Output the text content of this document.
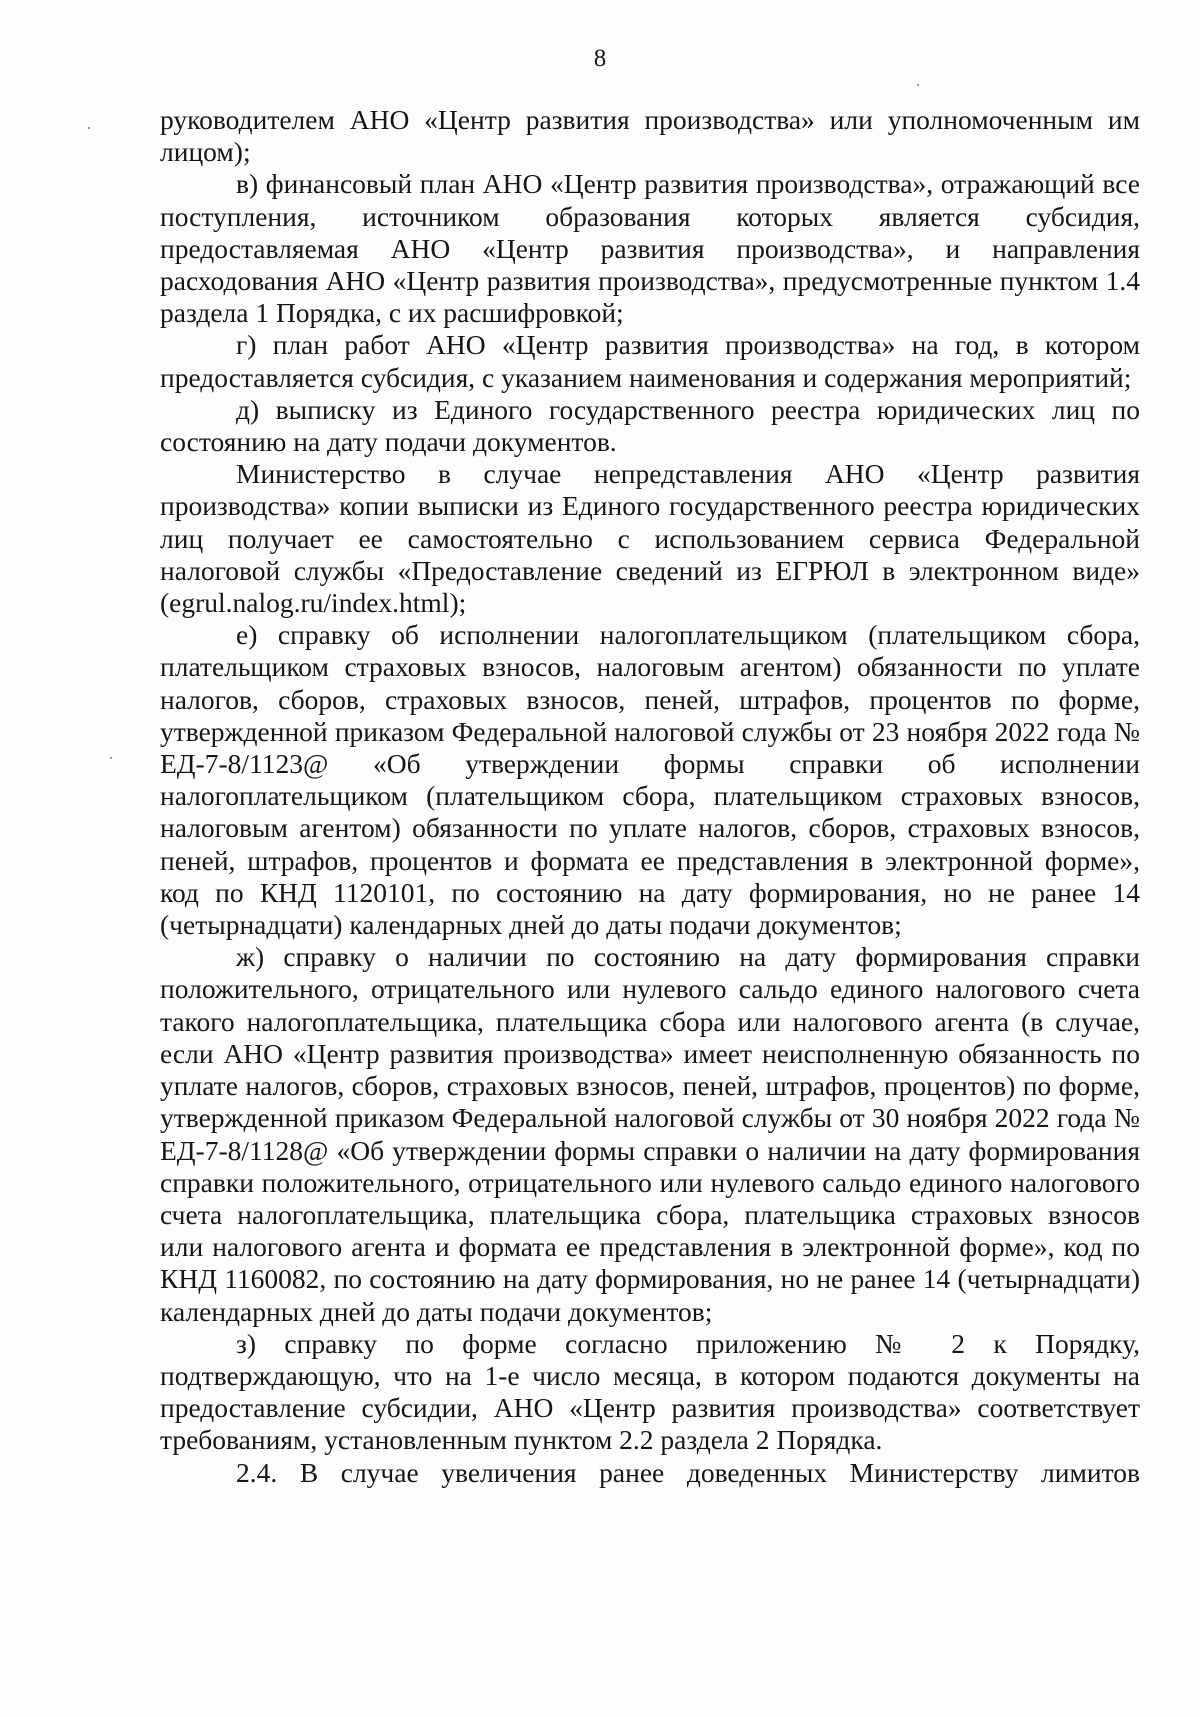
8

руководителем АНО «Центр развития производства» или уполномоченным им лицом);

в) финансовый план АНО «Центр развития производства», отражающий все поступления, источником образования которых является субсидия, предоставляемая АНО «Центр развития производства», и направления расходования АНО «Центр развития производства», предусмотренные пунктом 1.4 раздела 1 Порядка, с их расшифровкой;

г) план работ АНО «Центр развития производства» на год, в котором предоставляется субсидия, с указанием наименования и содержания мероприятий;

д) выписку из Единого государственного реестра юридических лиц по состоянию на дату подачи документов.

Министерство в случае непредставления АНО «Центр развития производства» копии выписки из Единого государственного реестра юридических лиц получает ее самостоятельно с использованием сервиса Федеральной налоговой службы «Предоставление сведений из ЕГРЮЛ в электронном виде» (egrul.nalog.ru/index.html);

е) справку об исполнении налогоплательщиком (плательщиком сбора, плательщиком страховых взносов, налоговым агентом) обязанности по уплате налогов, сборов, страховых взносов, пеней, штрафов, процентов по форме, утвержденной приказом Федеральной налоговой службы от 23 ноября 2022 года № ЕД-7-8/1123@ «Об утверждении формы справки об исполнении налогоплательщиком (плательщиком сбора, плательщиком страховых взносов, налоговым агентом) обязанности по уплате налогов, сборов, страховых взносов, пеней, штрафов, процентов и формата ее представления в электронной форме», код по КНД 1120101, по состоянию на дату формирования, но не ранее 14 (четырнадцати) календарных дней до даты подачи документов;

ж) справку о наличии по состоянию на дату формирования справки положительного, отрицательного или нулевого сальдо единого налогового счета такого налогоплательщика, плательщика сбора или налогового агента (в случае, если АНО «Центр развития производства» имеет неисполненную обязанность по уплате налогов, сборов, страховых взносов, пеней, штрафов, процентов) по форме, утвержденной приказом Федеральной налоговой службы от 30 ноября 2022 года № ЕД-7-8/1128@ «Об утверждении формы справки о наличии на дату формирования справки положительного, отрицательного или нулевого сальдо единого налогового счета налогоплательщика, плательщика сбора, плательщика страховых взносов или налогового агента и формата ее представления в электронной форме», код по КНД 1160082, по состоянию на дату формирования, но не ранее 14 (четырнадцати) календарных дней до даты подачи документов;

з) справку по форме согласно приложению № 2 к Порядку, подтверждающую, что на 1-е число месяца, в котором подаются документы на предоставление субсидии, АНО «Центр развития производства» соответствует требованиям, установленным пунктом 2.2 раздела 2 Порядка.

2.4. В случае увеличения ранее доведенных Министерству лимитов
